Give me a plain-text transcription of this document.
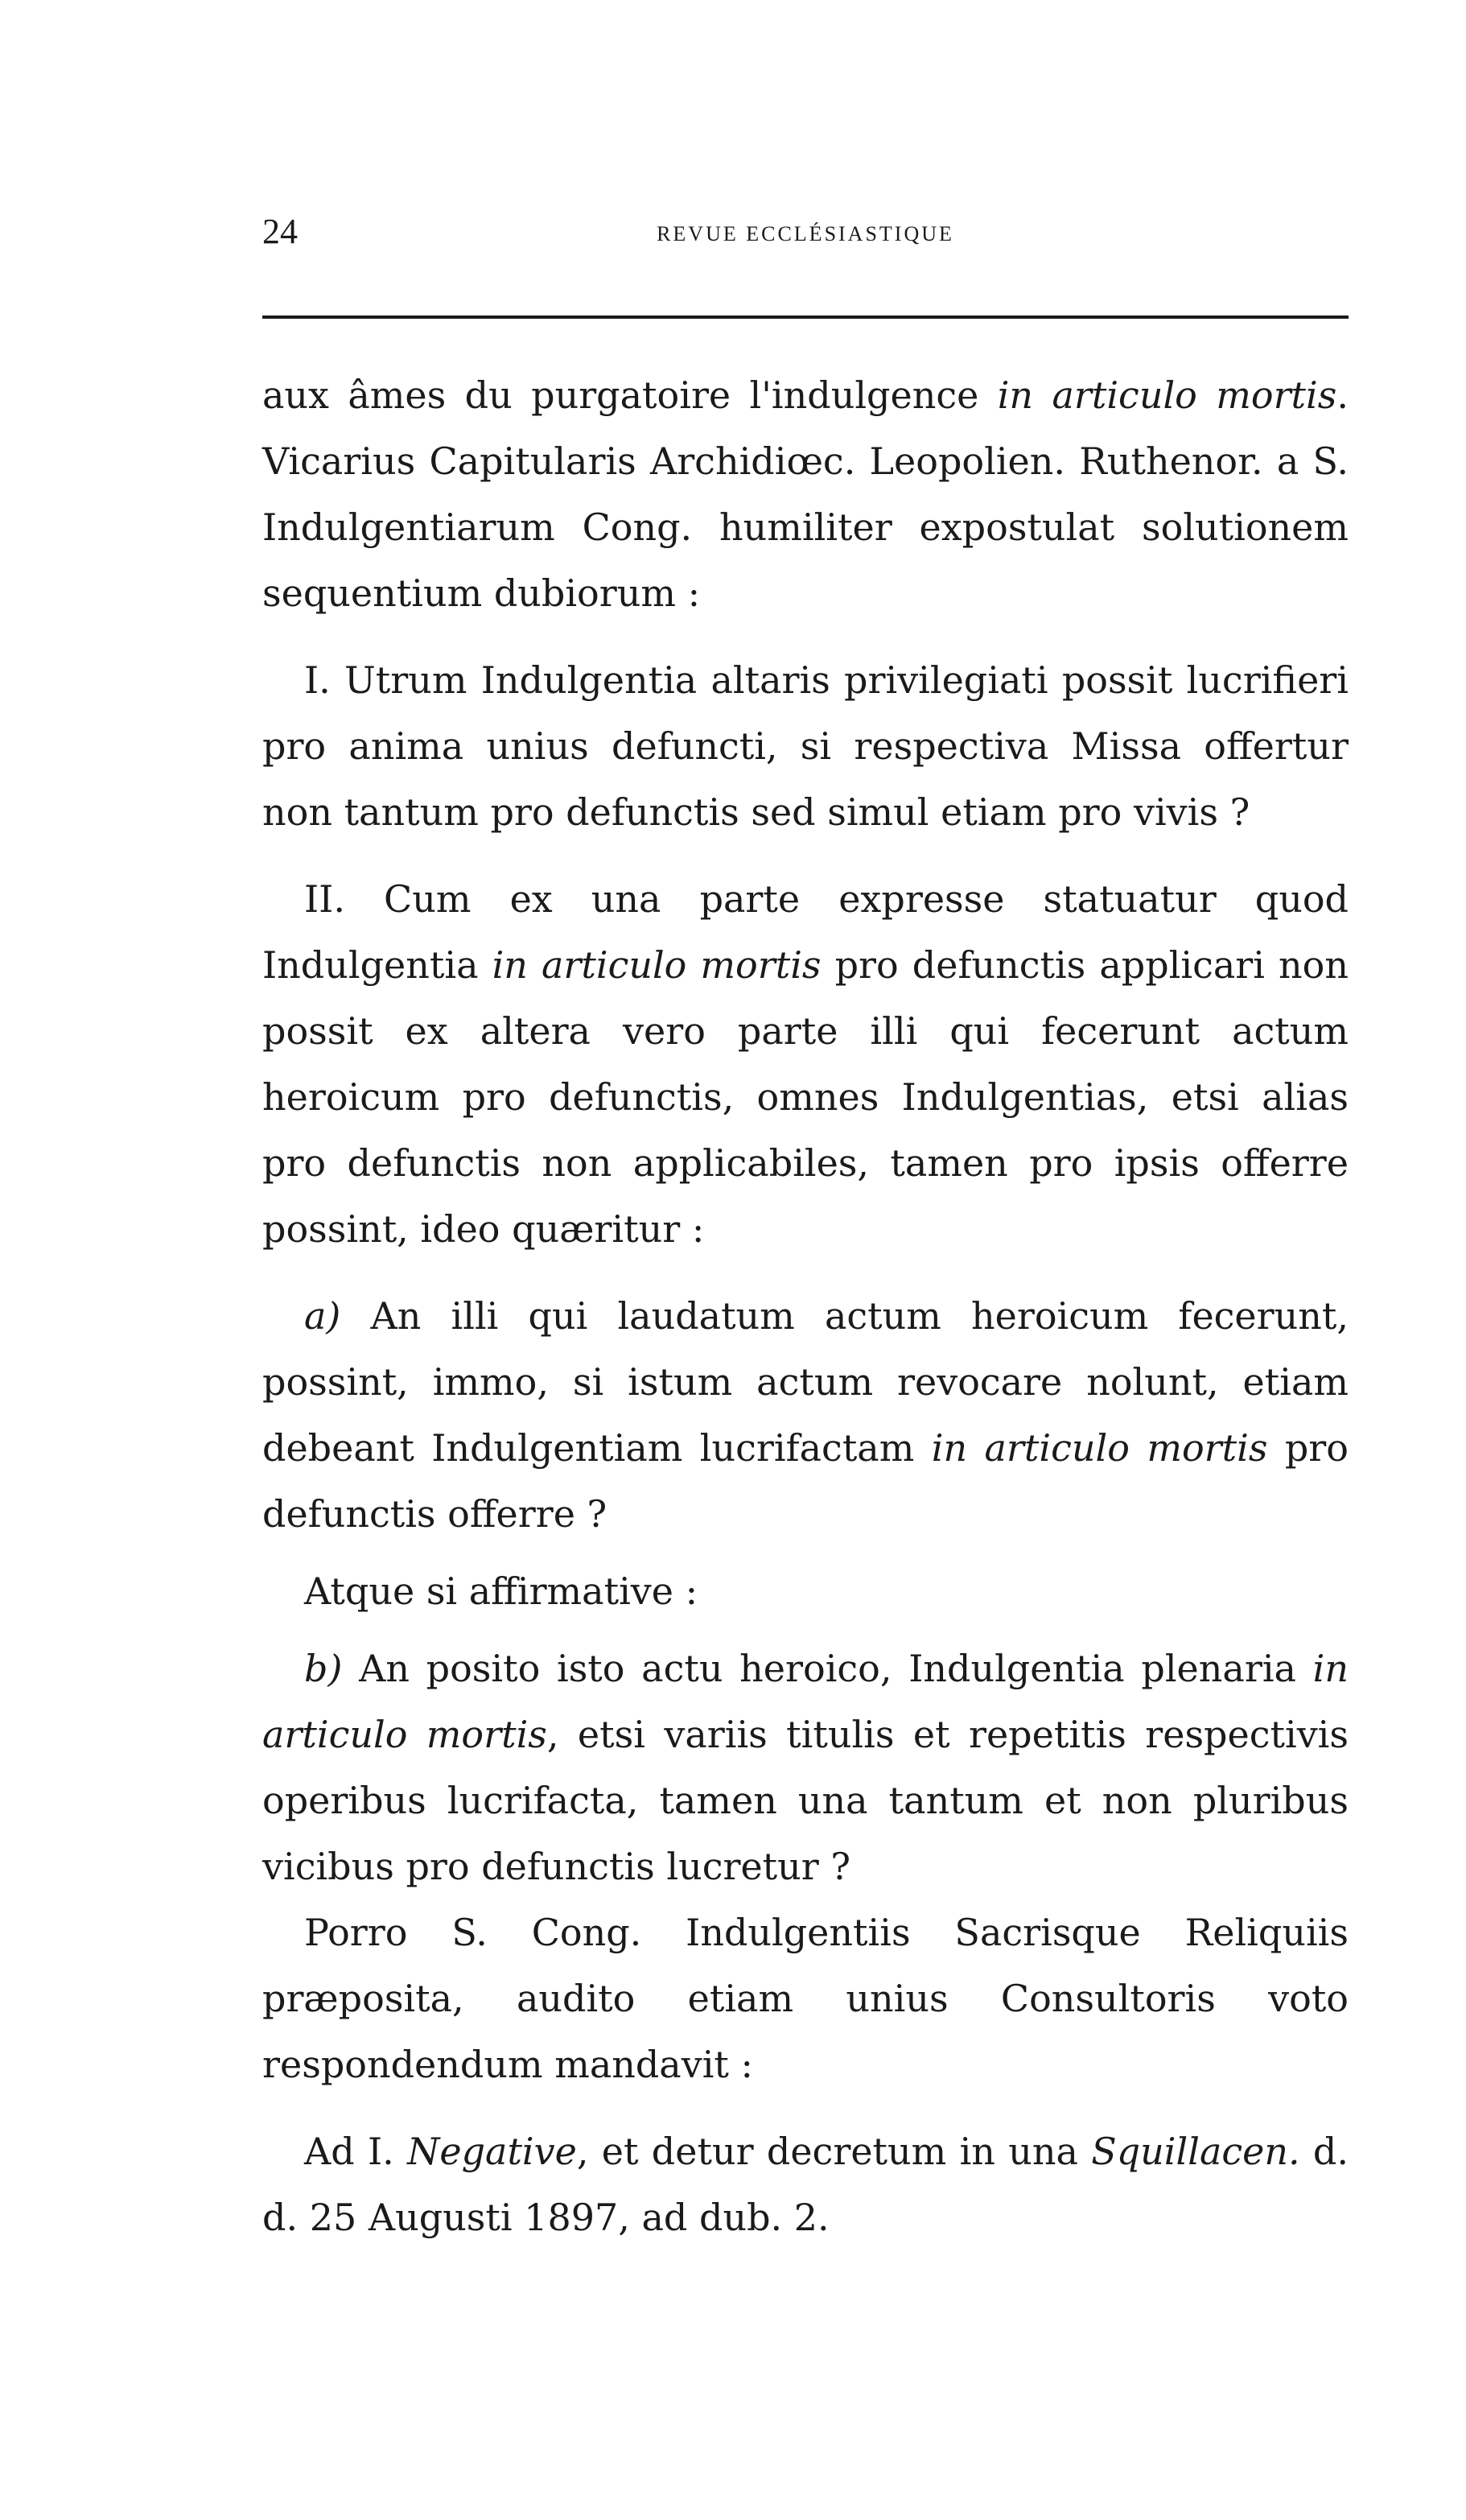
24	REVUE ECCLÉSIASTIQUE

aux âmes du purgatoire l'indulgence in articulo mortis. Vicarius Capitularis Archidiœc. Leopolien. Ruthenor. a S. Indulgentiarum Cong. humiliter expostulat solutionem sequentium dubiorum :

I. Utrum Indulgentia altaris privilegiati possit lucrifieri pro anima unius defuncti, si respectiva Missa offertur non tantum pro defunctis sed simul etiam pro vivis ?

II. Cum ex una parte expresse statuatur quod Indulgentia in articulo mortis pro defunctis applicari non possit ex altera vero parte illi qui fecerunt actum heroicum pro defunctis, omnes Indulgentias, etsi alias pro defunctis non applicabiles, tamen pro ipsis offerre possint, ideo quæritur :

a) An illi qui laudatum actum heroicum fecerunt, possint, immo, si istum actum revocare nolunt, etiam debeant Indulgentiam lucrifactam in articulo mortis pro defunctis offerre ?

Atque si affirmative :

b) An posito isto actu heroico, Indulgentia plenaria in articulo mortis, etsi variis titulis et repetitis respectivis operibus lucrifacta, tamen una tantum et non pluribus vicibus pro defunctis lucretur ?

Porro S. Cong. Indulgentiis Sacrisque Reliquiis præposita, audito etiam unius Consultoris voto respondendum mandavit :

Ad I. Negative, et detur decretum in una Squillacen. d. d. 25 Augusti 1897, ad dub. 2.
